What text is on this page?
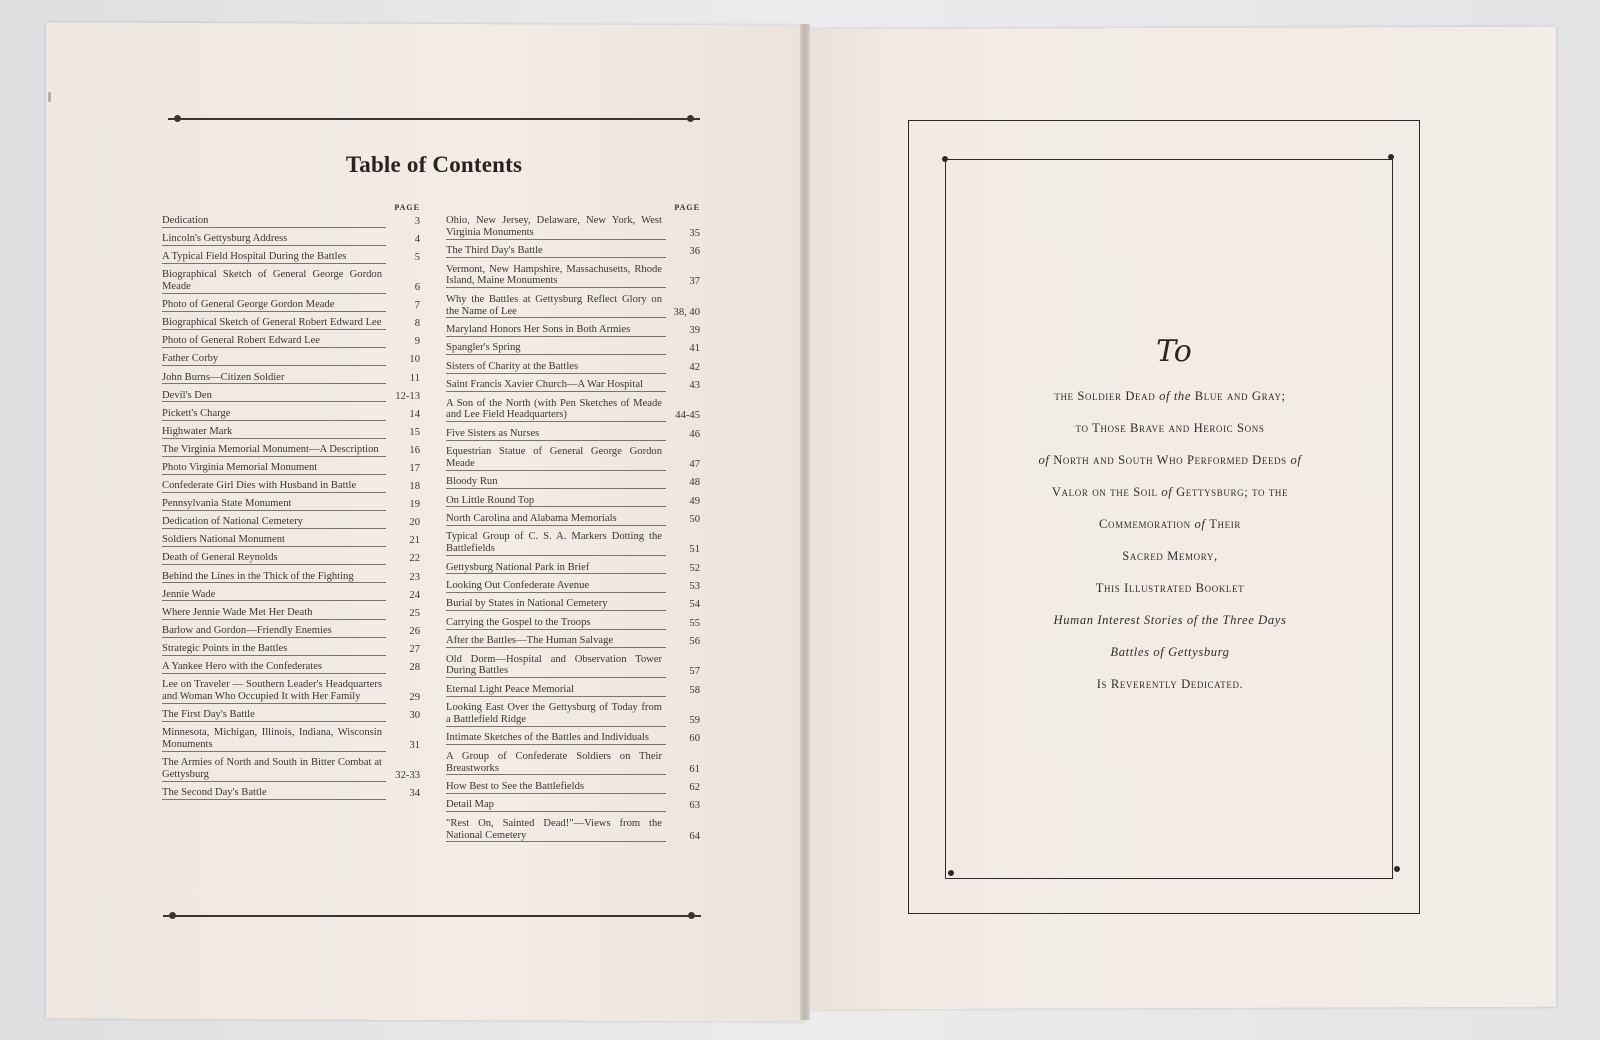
Table of Contents
PAGE
Dedication	3
Lincoln's Gettysburg Address	4
A Typical Field Hospital During the Battles	5
Biographical Sketch of General George Gordon Meade	6
Photo of General George Gordon Meade	7
Biographical Sketch of General Robert Edward Lee	8
Photo of General Robert Edward Lee	9
Father Corby	10
John Burns—Citizen Soldier	11
Devil's Den	12-13
Pickett's Charge	14
Highwater Mark	15
The Virginia Memorial Monument—A Description	16
Photo Virginia Memorial Monument	17
Confederate Girl Dies with Husband in Battle	18
Pennsylvania State Monument	19
Dedication of National Cemetery	20
Soldiers National Monument	21
Death of General Reynolds	22
Behind the Lines in the Thick of the Fighting	23
Jennie Wade	24
Where Jennie Wade Met Her Death	25
Barlow and Gordon—Friendly Enemies	26
Strategic Points in the Battles	27
A Yankee Hero with the Confederates	28
Lee on Traveler — Southern Leader's Headquarters and Woman Who Occupied It with Her Family	29
The First Day's Battle	30
Minnesota, Michigan, Illinois, Indiana, Wisconsin Monuments	31
The Armies of North and South in Bitter Combat at Gettysburg	32-33
The Second Day's Battle	34
PAGE
Ohio, New Jersey, Delaware, New York, West Virginia Monuments	35
The Third Day's Battle	36
Vermont, New Hampshire, Massachusetts, Rhode Island, Maine Monuments	37
Why the Battles at Gettysburg Reflect Glory on the Name of Lee	38, 40
Maryland Honors Her Sons in Both Armies	39
Spangler's Spring	41
Sisters of Charity at the Battles	42
Saint Francis Xavier Church—A War Hospital	43
A Son of the North (with Pen Sketches of Meade and Lee Field Headquarters)	44-45
Five Sisters as Nurses	46
Equestrian Statue of General George Gordon Meade	47
Bloody Run	48
On Little Round Top	49
North Carolina and Alabama Memorials	50
Typical Group of C. S. A. Markers Dotting the Battlefields	51
Gettysburg National Park in Brief	52
Looking Out Confederate Avenue	53
Burial by States in National Cemetery	54
Carrying the Gospel to the Troops	55
After the Battles—The Human Salvage	56
Old Dorm—Hospital and Observation Tower During Battles	57
Eternal Light Peace Memorial	58
Looking East Over the Gettysburg of Today from a Battlefield Ridge	59
Intimate Sketches of the Battles and Individuals	60
A Group of Confederate Soldiers on Their Breastworks	61
How Best to See the Battlefields	62
Detail Map	63
"Rest On, Sainted Dead!"—Views from the National Cemetery	64
To
the Soldier Dead of the Blue and Gray;
to Those Brave and Heroic Sons
of North and South Who Performed Deeds of
Valor on the Soil of Gettysburg; to the
Commemoration of Their
Sacred Memory,
This Illustrated Booklet
Human Interest Stories of the Three Days
Battles of Gettysburg
Is Reverently Dedicated.
